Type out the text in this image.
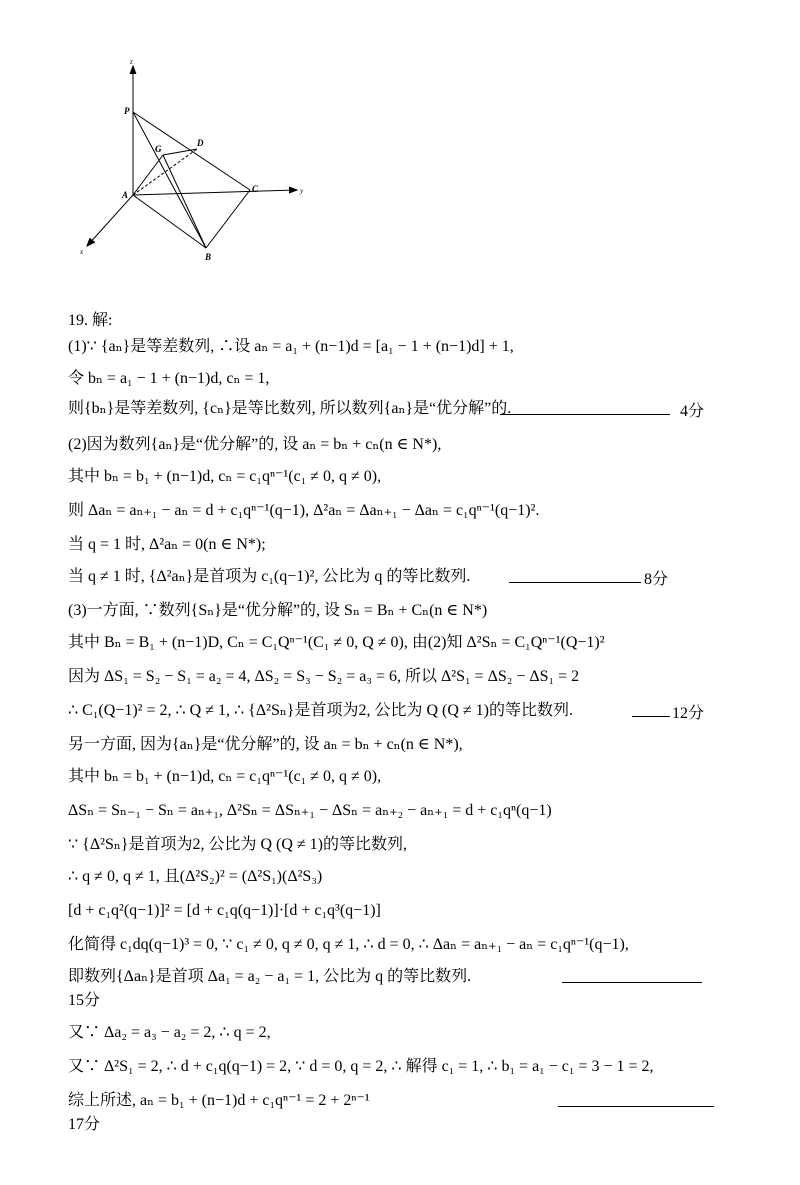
z
y
x
P
D
G
A
C
B
19. 解:
(1)∵ {aₙ}是等差数列, ∴设 aₙ = a₁ + (n−1)d = [a₁ − 1 + (n−1)d] + 1,
令 bₙ = a₁ − 1 + (n−1)d, cₙ = 1,
则{bₙ}是等差数列, {cₙ}是等比数列, 所以数列{aₙ}是“优分解”的.	4分
(2)因为数列{aₙ}是“优分解”的, 设 aₙ = bₙ + cₙ(n ∈ N*),
其中 bₙ = b₁ + (n−1)d, cₙ = c₁qⁿ⁻¹(c₁ ≠ 0, q ≠ 0),
则 Δaₙ = aₙ₊₁ − aₙ = d + c₁qⁿ⁻¹(q−1), Δ²aₙ = Δaₙ₊₁ − Δaₙ = c₁qⁿ⁻¹(q−1)².
当 q = 1 时, Δ²aₙ = 0(n ∈ N*);
当 q ≠ 1 时, {Δ²aₙ}是首项为 c₁(q−1)², 公比为 q 的等比数列.	8分
(3)一方面, ∵数列{Sₙ}是“优分解”的, 设 Sₙ = Bₙ + Cₙ(n ∈ N*)
其中 Bₙ = B₁ + (n−1)D, Cₙ = C₁Qⁿ⁻¹(C₁ ≠ 0, Q ≠ 0), 由(2)知 Δ²Sₙ = C₁Qⁿ⁻¹(Q−1)²
因为 ΔS₁ = S₂ − S₁ = a₂ = 4, ΔS₂ = S₃ − S₂ = a₃ = 6, 所以 Δ²S₁ = ΔS₂ − ΔS₁ = 2
∴ C₁(Q−1)² = 2, ∴ Q ≠ 1, ∴ {Δ²Sₙ}是首项为2, 公比为 Q (Q ≠ 1)的等比数列.	12分
另一方面, 因为{aₙ}是“优分解”的, 设 aₙ = bₙ + cₙ(n ∈ N*),
其中 bₙ = b₁ + (n−1)d, cₙ = c₁qⁿ⁻¹(c₁ ≠ 0, q ≠ 0),
ΔSₙ = Sₙ₋₁ − Sₙ = aₙ₊₁, Δ²Sₙ = ΔSₙ₊₁ − ΔSₙ = aₙ₊₂ − aₙ₊₁ = d + c₁qⁿ(q−1)
∵ {Δ²Sₙ}是首项为2, 公比为 Q (Q ≠ 1)的等比数列,
∴ q ≠ 0, q ≠ 1, 且(Δ²S₂)² = (Δ²S₁)(Δ²S₃)
[d + c₁q²(q−1)]² = [d + c₁q(q−1)]·[d + c₁q³(q−1)]
化简得 c₁dq(q−1)³ = 0, ∵ c₁ ≠ 0, q ≠ 0, q ≠ 1, ∴ d = 0, ∴ Δaₙ = aₙ₊₁ − aₙ = c₁qⁿ⁻¹(q−1),
即数列{Δaₙ}是首项 Δa₁ = a₂ − a₁ = 1, 公比为 q 的等比数列.
15分
又∵ Δa₂ = a₃ − a₂ = 2, ∴ q = 2,
又∵ Δ²S₁ = 2, ∴ d + c₁q(q−1) = 2, ∵ d = 0, q = 2, ∴ 解得 c₁ = 1, ∴ b₁ = a₁ − c₁ = 3 − 1 = 2,
综上所述, aₙ = b₁ + (n−1)d + c₁qⁿ⁻¹ = 2 + 2ⁿ⁻¹
17分
